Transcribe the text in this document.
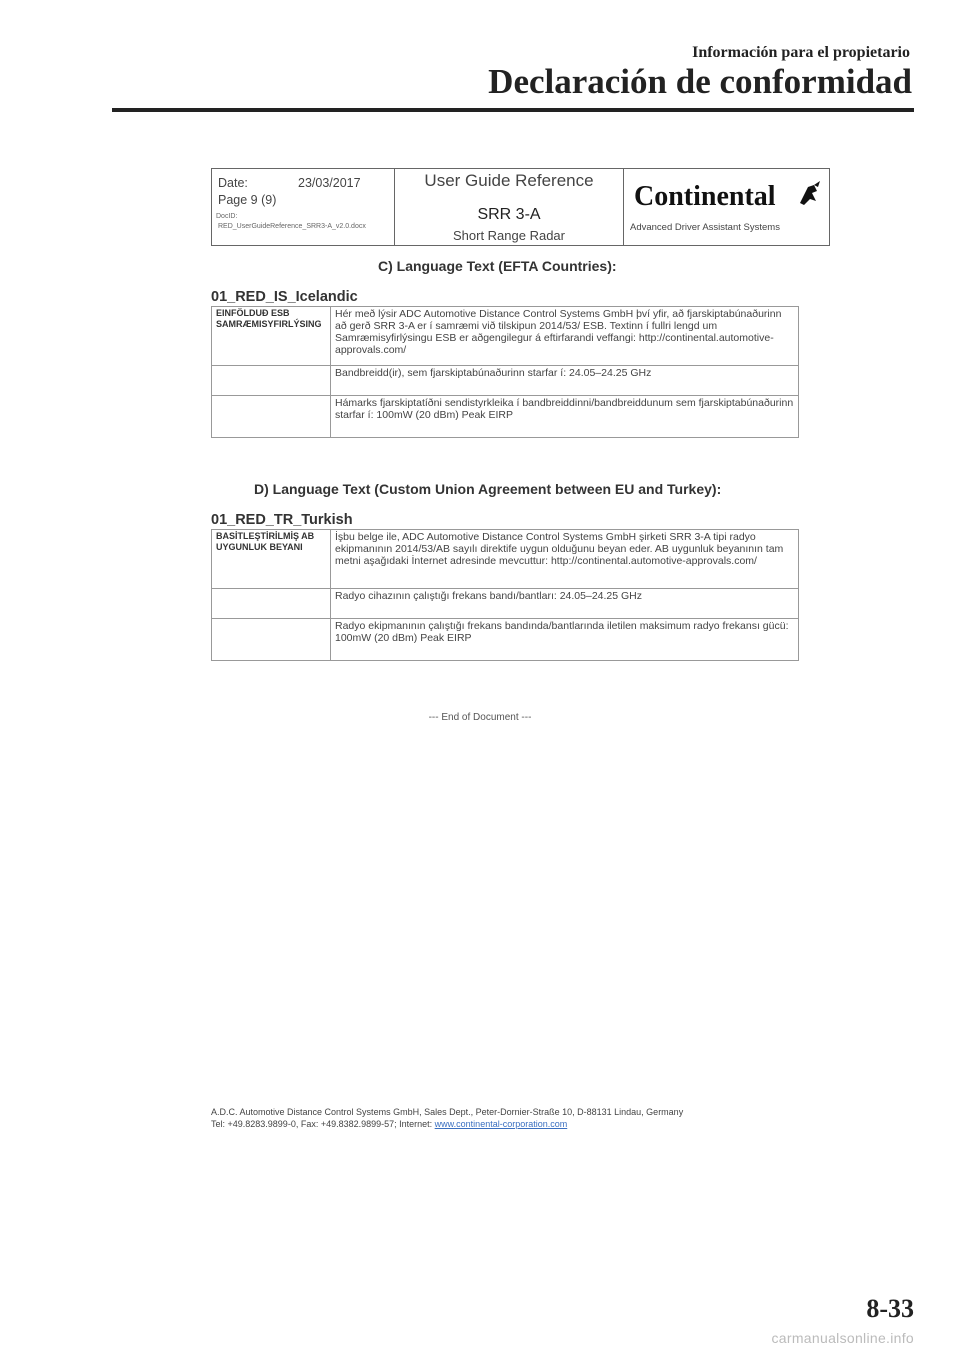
Información para el propietario
Declaración de conformidad
Date:	23/03/2017
Page 9 (9)
DocID:
RED_UserGuideReference_SRR3-A_v2.0.docx
User Guide Reference
SRR 3-A
Short Range Radar
Continental
Advanced Driver Assistant Systems
C) Language Text (EFTA Countries):
01_RED_IS_Icelandic
EINFÖLDUÐ ESB SAMRÆMISYFIRLÝSING	Hér með lýsir ADC Automotive Distance Control Systems GmbH því yfir, að fjarskiptabúnaðurinn að gerð SRR 3-A er í samræmi við tilskipun 2014/53/ ESB. Textinn í fullri lengd um Samræmisyfirlýsingu ESB er aðgengilegur á eftirfarandi veffangi: http://continental.automotive-approvals.com/
	Bandbreidd(ir), sem fjarskiptabúnaðurinn starfar í: 24.05–24.25 GHz
	Hámarks fjarskiptatíðni sendistyrkleika í bandbreiddinni/bandbreiddunum sem fjarskiptabúnaðurinn starfar í: 100mW (20 dBm) Peak EIRP
D) Language Text (Custom Union Agreement between EU and Turkey):
01_RED_TR_Turkish
BASİTLEŞTİRİLMİŞ AB UYGUNLUK BEYANI	İşbu belge ile, ADC Automotive Distance Control Systems GmbH şirketi SRR 3-A tipi radyo ekipmanının 2014/53/AB sayılı direktife uygun olduğunu beyan eder. AB uygunluk beyanının tam metni aşağıdaki İnternet adresinde mevcuttur: http://continental.automotive-approvals.com/
	Radyo cihazının çalıştığı frekans bandı/bantları: 24.05–24.25 GHz
	Radyo ekipmanının çalıştığı frekans bandında/bantlarında iletilen maksimum radyo frekansı gücü: 100mW (20 dBm) Peak EIRP
--- End of Document ---
A.D.C. Automotive Distance Control Systems GmbH, Sales Dept., Peter-Dornier-Straße 10, D-88131 Lindau, Germany
Tel: +49.8283.9899-0, Fax: +49.8382.9899-57; Internet: www.continental-corporation.com
8-33
carmanualsonline.info
